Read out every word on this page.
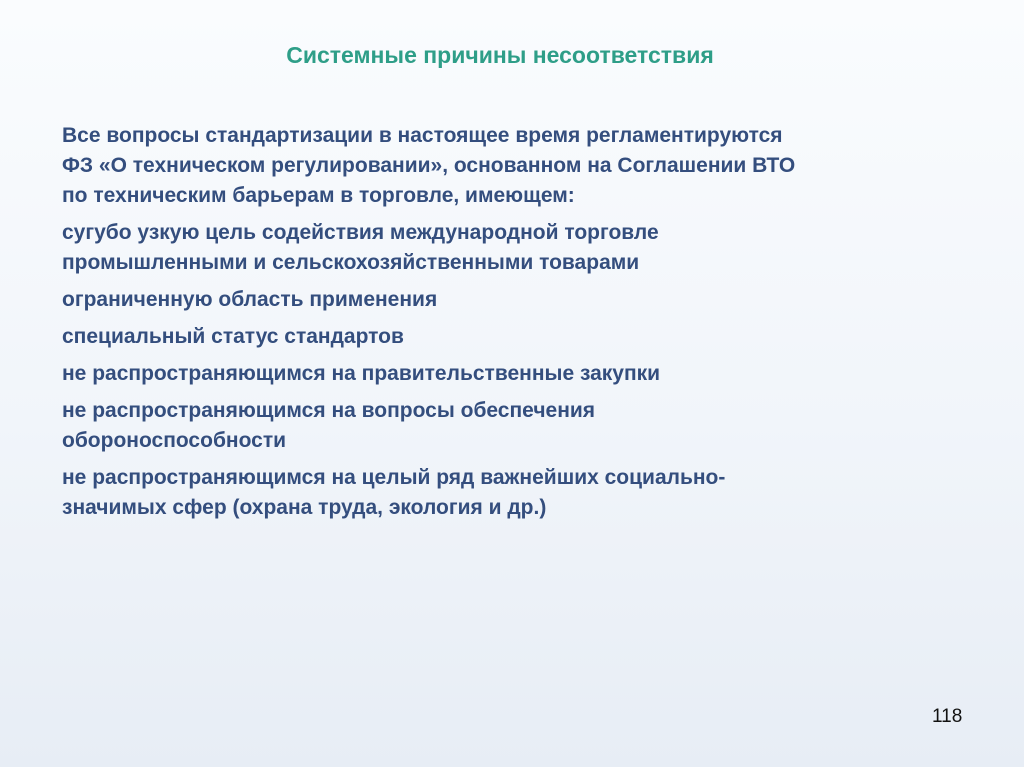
Системные причины несоответствия

Все вопросы стандартизации в настоящее время регламентируются
ФЗ «О техническом регулировании», основанном на Соглашении ВТО
по техническим барьерам в торговле, имеющем:

сугубо узкую цель содействия международной торговле
промышленными и сельскохозяйственными товарами

ограниченную область применения

специальный статус стандартов

не распространяющимся на правительственные закупки

не распространяющимся на вопросы обеспечения
обороноспособности

не распространяющимся на целый ряд важнейших социально-
значимых сфер (охрана труда, экология и др.)

118
